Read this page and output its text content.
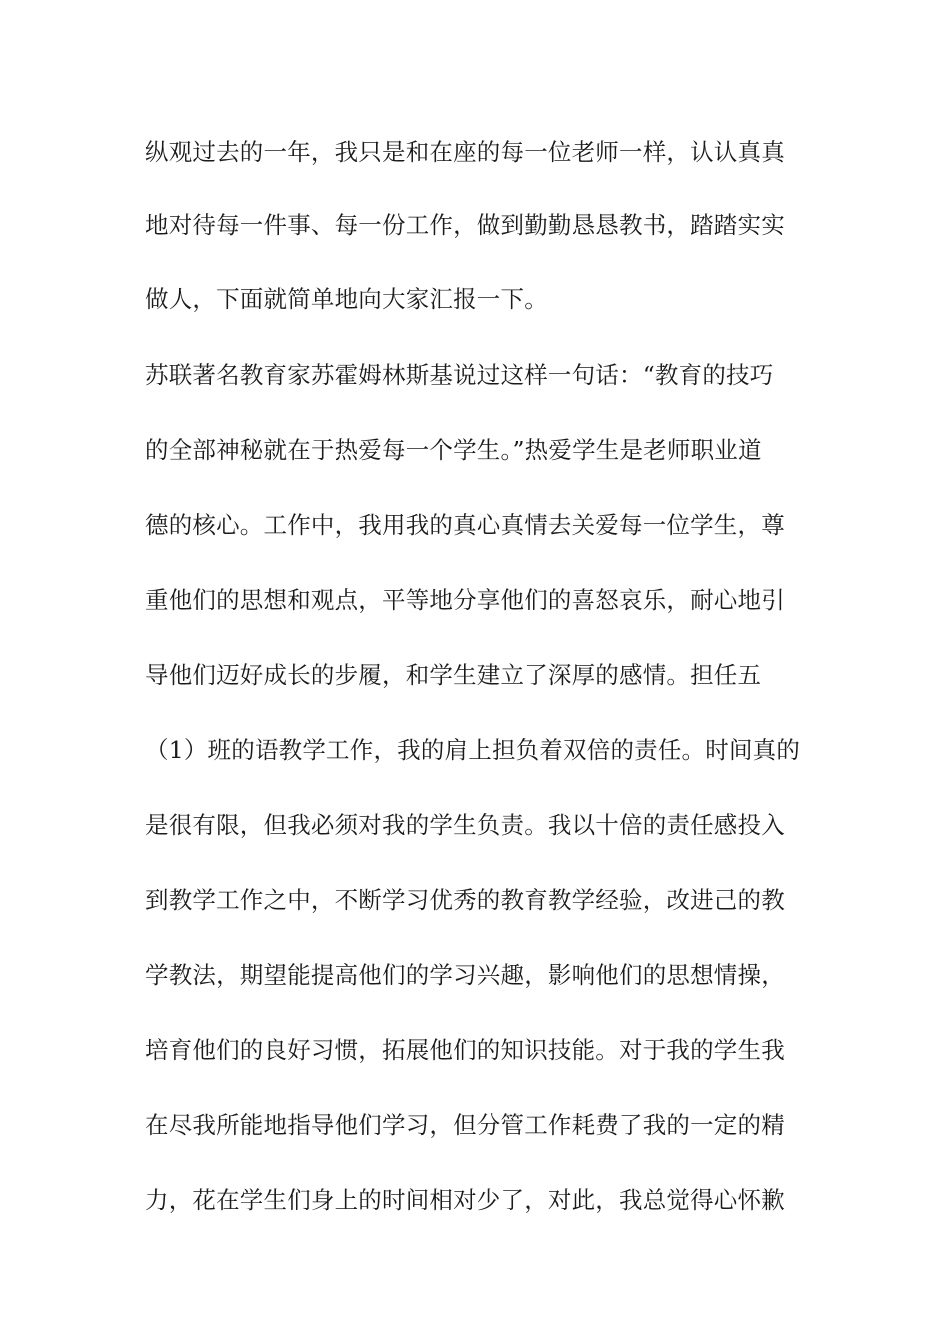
纵观过去的一年，我只是和在座的每一位老师一样，认认真真
地对待每一件事、每一份工作，做到勤勤恳恳教书，踏踏实实
做人，下面就简单地向大家汇报一下。
苏联著名教育家苏霍姆林斯基说过这样一句话：“教育的技巧
的全部神秘就在于热爱每一个学生。”热爱学生是老师职业道
德的核心。工作中，我用我的真心真情去关爱每一位学生，尊
重他们的思想和观点，平等地分享他们的喜怒哀乐，耐心地引
导他们迈好成长的步履，和学生建立了深厚的感情。担任五
（1）班的语教学工作，我的肩上担负着双倍的责任。时间真的
是很有限，但我必须对我的学生负责。我以十倍的责任感投入
到教学工作之中，不断学习优秀的教育教学经验，改进己的教
学教法，期望能提高他们的学习兴趣，影响他们的思想情操，
培育他们的良好习惯，拓展他们的知识技能。对于我的学生我
在尽我所能地指导他们学习，但分管工作耗费了我的一定的精
力，花在学生们身上的时间相对少了，对此，我总觉得心怀歉
